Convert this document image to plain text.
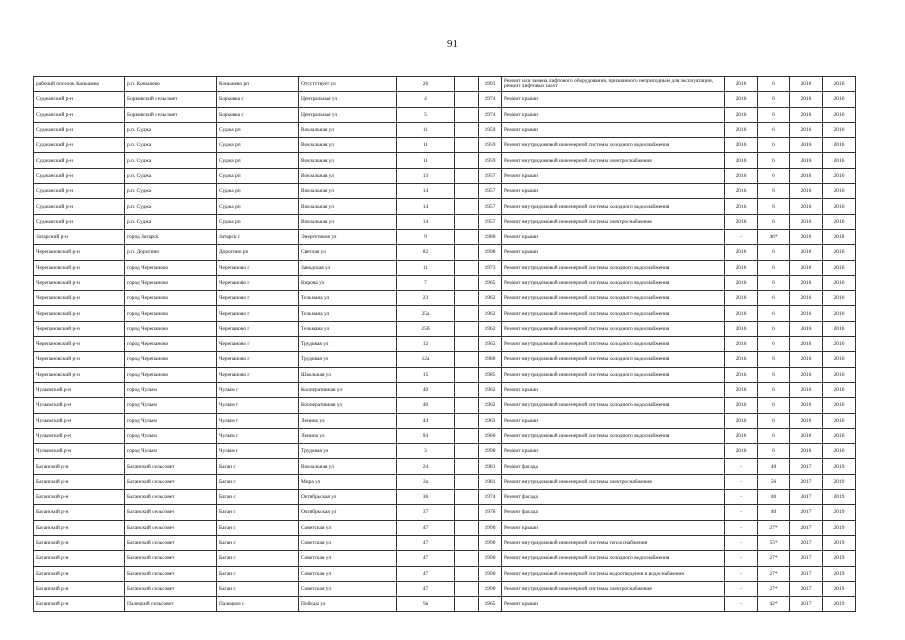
91
рабочий поселок Коньшево	р.п. Коньшево	Коньшево рп	Отсутствует ул	26		1991	Ремонт или замена лифтового оборудования, признанного непригодным для эксплуатации, ремонт лифтовых шахт	2016	6	2016	2016
Суджанский р-н	Борковский сельсовет	Борковка с	Центральная ул	4		1974	Ремонт крыши	2016	6	2016	2016
Суджанский р-н	Борковский сельсовет	Борковка с	Центральная ул	5		1974	Ремонт крыши	2016	6	2016	2016
Суджанский р-н	р.п. Суджа	Суджа рп	Вокзальная ул	11		1959	Ремонт крыши	2016	6	2016	2016
Суджанский р-н	р.п. Суджа	Суджа рп	Вокзальная ул	11		1959	Ремонт внутридомовой инженерной системы холодного водоснабжения	2016	6	2016	2016
Суджанский р-н	р.п. Суджа	Суджа рп	Вокзальная ул	11		1959	Ремонт внутридомовой инженерной системы электроснабжения	2016	6	2016	2016
Суджанский р-н	р.п. Суджа	Суджа рп	Вокзальная ул	13		1957	Ремонт крыши	2016	6	2016	2016
Суджанский р-н	р.п. Суджа	Суджа рп	Вокзальная ул	14		1957	Ремонт крыши	2016	6	2016	2016
Суджанский р-н	р.п. Суджа	Суджа рп	Вокзальная ул	14		1957	Ремонт внутридомовой инженерной системы холодного водоснабжения	2016	6	2016	2016
Суджанский р-н	р.п. Суджа	Суджа рп	Вокзальная ул	14		1957	Ремонт внутридомовой инженерной системы электроснабжения	2016	6	2016	2016
Затарский р-н	город Затарск	Затарск г	Энергетиков ул	9		1980	Ремонт крыши	-	46*	2016	2018
Черепановский р-н	р.п. Дорогино	Дорогино рп	Светлая ул	82		1998	Ремонт крыши	2016	6	2016	2016
Черепановский р-н	город Черепаново	Черепаново г	Заводская ул	11		1973	Ремонт внутридомовой инженерной системы холодного водоснабжения	2016	6	2016	2016
Черепановский р-н	город Черепаново	Черепаново г	Кирова ул	7		1965	Ремонт внутридомовой инженерной системы холодного водоснабжения	2016	6	2016	2016
Черепановский р-н	город Черепаново	Черепаново г	Тельмана ул	23		1962	Ремонт внутридомовой инженерной системы холодного водоснабжения	2016	6	2016	2016
Черепановский р-н	город Черепаново	Черепаново г	Тельмана ул	25а		1962	Ремонт внутридомовой инженерной системы холодного водоснабжения	2016	6	2016	2016
Черепановский р-н	город Черепаново	Черепаново г	Тельмана ул	25б		1962	Ремонт внутридомовой инженерной системы холодного водоснабжения	2016	6	2016	2016
Черепановский р-н	город Черепаново	Черепаново г	Трудовая ул	12		1962	Ремонт внутридомовой инженерной системы холодного водоснабжения	2016	6	2016	2016
Черепановский р-н	город Черепаново	Черепаново г	Трудовая ул	12а		1980	Ремонт внутридомовой инженерной системы холодного водоснабжения	2016	6	2016	2016
Черепановский р-н	город Черепаново	Черепаново г	Школьная ул	15		1985	Ремонт внутридомовой инженерной системы холодного водоснабжения	2016	6	2016	2016
Чулымский р-н	город Чулым	Чулым г	Кооперативная ул	40		1962	Ремонт крыши	2016	6	2016	2016
Чулымский р-н	город Чулым	Чулым г	Кооперативная ул	40		1962	Ремонт внутридомовой инженерной системы холодного водоснабжения	2016	6	2016	2016
Чулымский р-н	город Чулым	Чулым г	Ленина ул	44		1963	Ремонт крыши	2016	6	2016	2016
Чулымский р-н	город Чулым	Чулым г	Ленина ул	94		1960	Ремонт внутридомовой инженерной системы холодного водоснабжения	2016	6	2016	2016
Чулымский р-н	город Чулым	Чулым г	Трудовая ул	3		1990	Ремонт крыши	2016	6	2016	2016
Баганский р-н	Баганский сельсовет	Баган с	Вокзальная ул	24		1981	Ремонт фасада	-	40	2017	2019
Баганский р-н	Баганский сельсовет	Баган с	Мира ул	2а		1981	Ремонт внутридомовой инженерной системы электроснабжения	-	56	2017	2019
Баганский р-н	Баганский сельсовет	Баган с	Октябрьская ул	36		1974	Ремонт фасада	-	40	2017	2019
Баганский р-н	Баганский сельсовет	Баган с	Октябрьская ул	37		1978	Ремонт фасада	-	40	2017	2019
Баганский р-н	Баганский сельсовет	Баган с	Советская ул	47		1990	Ремонт крыши	-	27*	2017	2019
Баганский р-н	Баганский сельсовет	Баган с	Советская ул	47		1990	Ремонт внутридомовой инженерной системы теплоснабжения	-	55*	2017	2019
Баганский р-н	Баганский сельсовет	Баган с	Советская ул	47		1990	Ремонт внутридомовой инженерной системы холодного водоснабжения	-	27*	2017	2019
Баганский р-н	Баганский сельсовет	Баган с	Советская ул	47		1990	Ремонт внутридомовой инженерной системы водоотведения и водоснабжения	-	27*	2017	2019
Баганский р-н	Баганский сельсовет	Баган с	Советская ул	47		1990	Ремонт внутридомовой инженерной системы электроснабжения	-	27*	2017	2019
Баганский р-н	Палецкий сельсовет	Палецкое с	Победы ул	9а		1965	Ремонт крыши	-	42*	2017	2019
